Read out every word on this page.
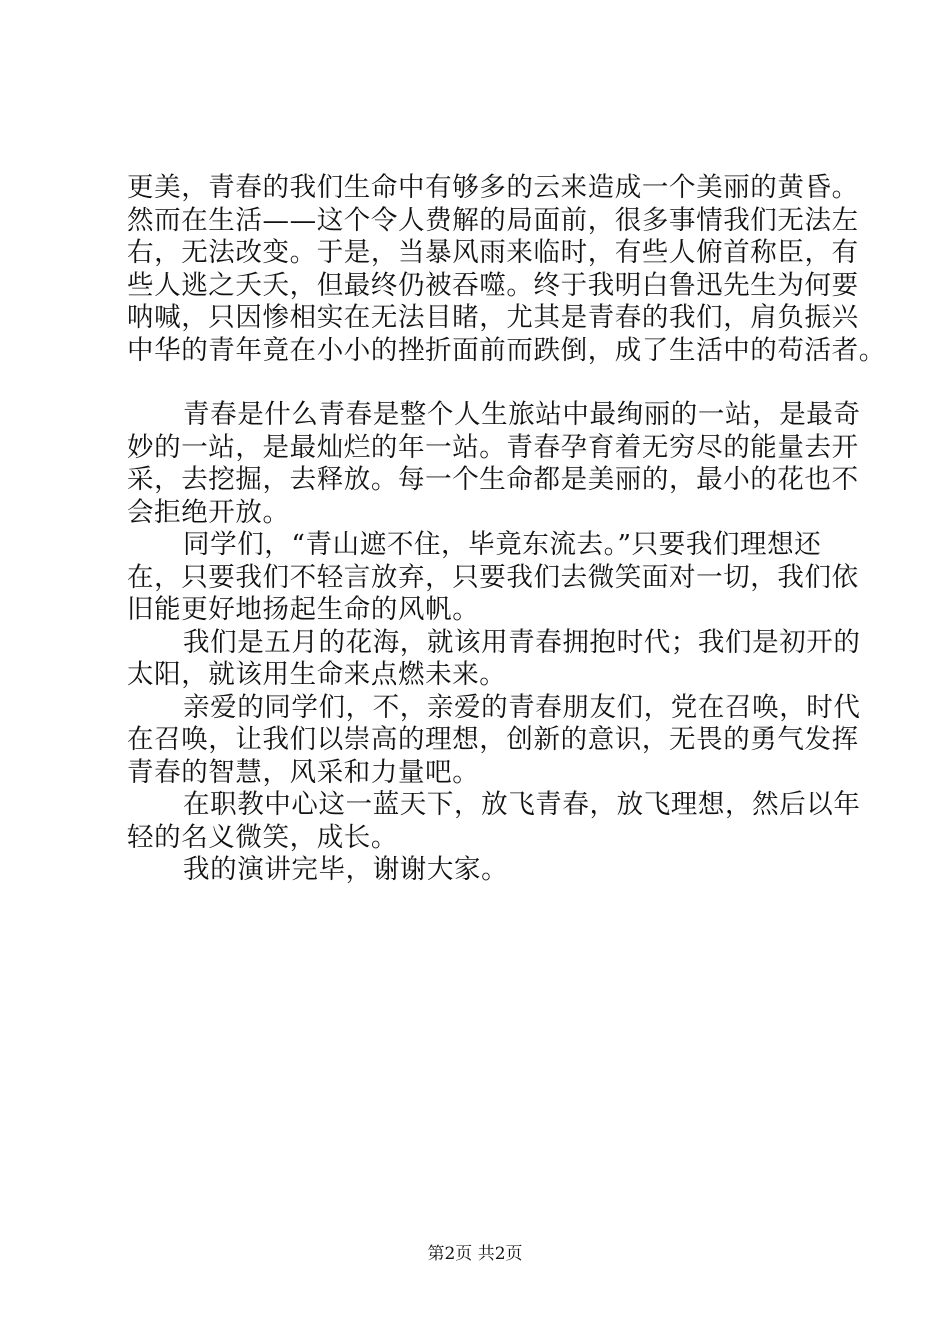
更美，青春的我们生命中有够多的云来造成一个美丽的黄昏。
然而在生活——这个令人费解的局面前，很多事情我们无法左
右，无法改变。于是，当暴风雨来临时，有些人俯首称臣，有
些人逃之夭夭，但最终仍被吞噬。终于我明白鲁迅先生为何要
呐喊，只因惨相实在无法目睹，尤其是青春的我们，肩负振兴
中华的青年竟在小小的挫折面前而跌倒，成了生活中的苟活者。
青春是什么青春是整个人生旅站中最绚丽的一站，是最奇
妙的一站，是最灿烂的年一站。青春孕育着无穷尽的能量去开
采，去挖掘，去释放。每一个生命都是美丽的，最小的花也不
会拒绝开放。
同学们，“青山遮不住，毕竟东流去。”只要我们理想还
在，只要我们不轻言放弃，只要我们去微笑面对一切，我们依
旧能更好地扬起生命的风帆。
我们是五月的花海，就该用青春拥抱时代；我们是初开的
太阳，就该用生命来点燃未来。
亲爱的同学们，不，亲爱的青春朋友们，党在召唤，时代
在召唤，让我们以崇高的理想，创新的意识，无畏的勇气发挥
青春的智慧，风采和力量吧。
在职教中心这一蓝天下，放飞青春，放飞理想，然后以年
轻的名义微笑，成长。
我的演讲完毕，谢谢大家。
第2页 共2页
